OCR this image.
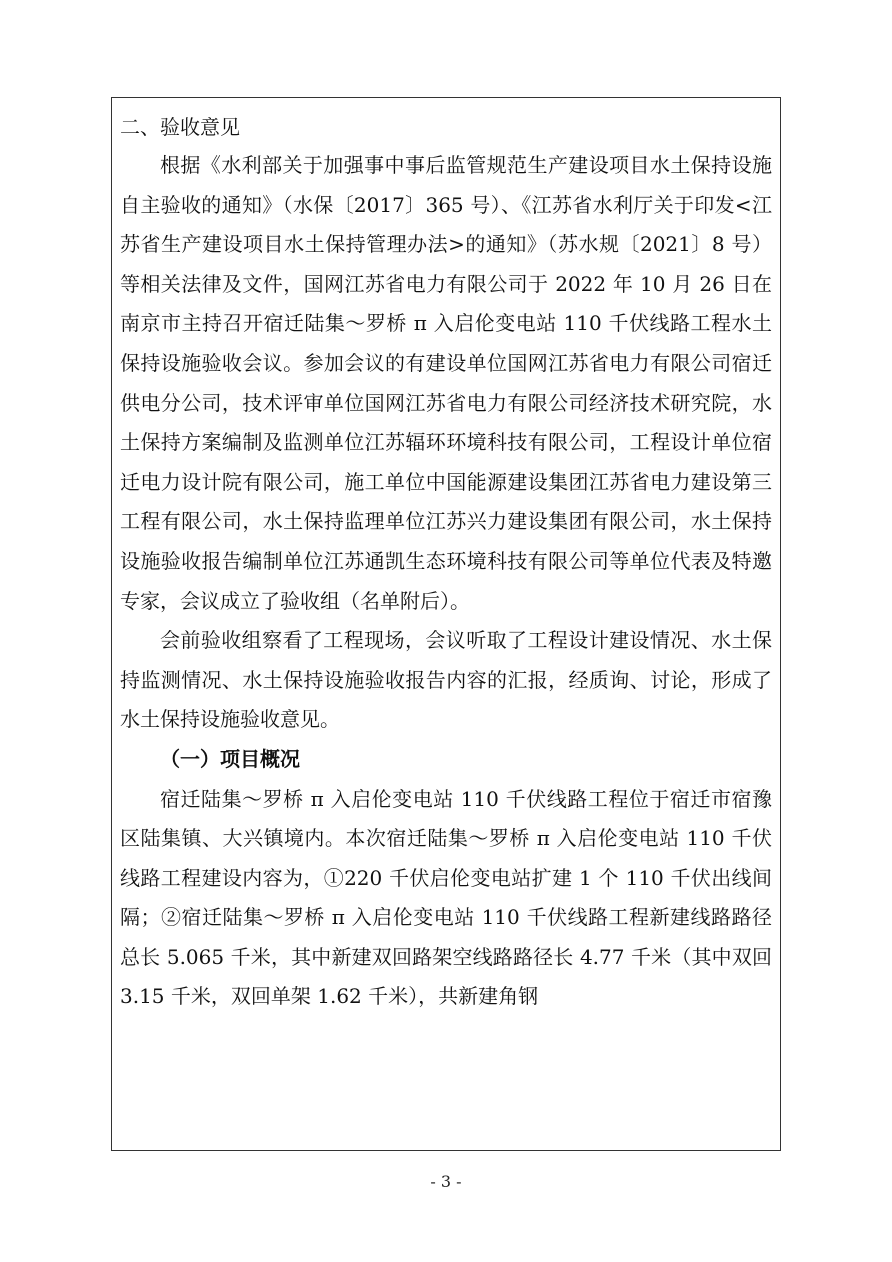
二、验收意见

根据《水利部关于加强事中事后监管规范生产建设项目水土保持设施自主验收的通知》（水保〔2017〕365 号）、《江苏省水利厅关于印发<江苏省生产建设项目水土保持管理办法>的通知》（苏水规〔2021〕8 号）等相关法律及文件，国网江苏省电力有限公司于 2022 年 10 月 26 日在南京市主持召开宿迁陆集～罗桥 π 入启伦变电站 110 千伏线路工程水土保持设施验收会议。参加会议的有建设单位国网江苏省电力有限公司宿迁供电分公司，技术评审单位国网江苏省电力有限公司经济技术研究院，水土保持方案编制及监测单位江苏辐环环境科技有限公司，工程设计单位宿迁电力设计院有限公司，施工单位中国能源建设集团江苏省电力建设第三工程有限公司，水土保持监理单位江苏兴力建设集团有限公司，水土保持设施验收报告编制单位江苏通凯生态环境科技有限公司等单位代表及特邀专家，会议成立了验收组（名单附后）。

会前验收组察看了工程现场，会议听取了工程设计建设情况、水土保持监测情况、水土保持设施验收报告内容的汇报，经质询、讨论，形成了水土保持设施验收意见。

（一）项目概况

宿迁陆集～罗桥 π 入启伦变电站 110 千伏线路工程位于宿迁市宿豫区陆集镇、大兴镇境内。本次宿迁陆集～罗桥 π 入启伦变电站 110 千伏线路工程建设内容为，①220 千伏启伦变电站扩建 1 个 110 千伏出线间隔；②宿迁陆集～罗桥 π 入启伦变电站 110 千伏线路工程新建线路路径总长 5.065 千米，其中新建双回路架空线路路径长 4.77 千米（其中双回 3.15 千米，双回单架 1.62 千米），共新建角钢

- 3 -
